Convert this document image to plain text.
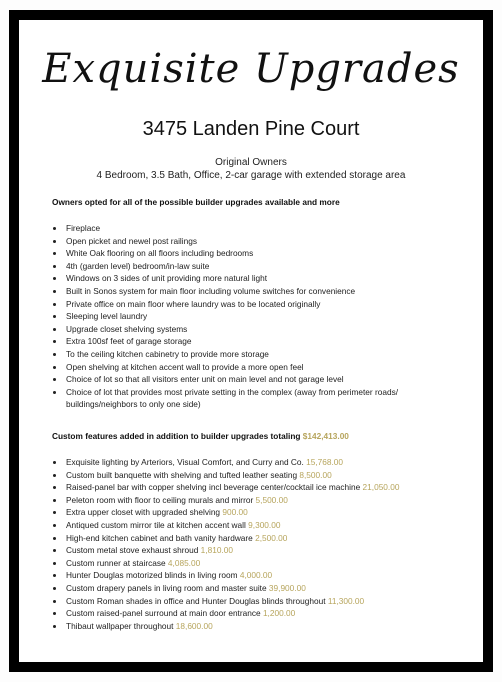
Exquisite Upgrades
3475 Landen Pine Court
Original Owners
4 Bedroom, 3.5 Bath, Office, 2-car garage with extended storage area
Owners opted for all of the possible builder upgrades available and more
Fireplace
Open picket and newel post railings
White Oak flooring on all floors including bedrooms
4th (garden level) bedroom/in-law suite
Windows on 3 sides of unit providing more natural light
Built in Sonos system for main floor including volume switches for convenience
Private office on main floor where laundry was to be located originally
Sleeping level laundry
Upgrade closet shelving systems
Extra 100sf feet of garage storage
To the ceiling kitchen cabinetry to provide more storage
Open shelving at kitchen accent wall to provide a more open feel
Choice of lot so that all visitors enter unit on main level and not garage level
Choice of lot that provides most private setting in the complex (away from perimeter roads/ buildings/neighbors to only one side)
Custom features added in addition to builder upgrades totaling $142,413.00
Exquisite lighting by Arteriors, Visual Comfort, and Curry and Co. 15,768.00
Custom built banquette with shelving and tufted leather seating 8,500.00
Raised-panel bar with copper shelving incl beverage center/cocktail ice machine 21,050.00
Peleton room with floor to ceiling murals and mirror 5,500.00
Extra upper closet with upgraded shelving 900.00
Antiqued custom mirror tile at kitchen accent wall 9,300.00
High-end kitchen cabinet and bath vanity hardware 2,500.00
Custom metal stove exhaust shroud 1,810.00
Custom runner at staircase 4,085.00
Hunter Douglas motorized blinds in living room 4,000.00
Custom drapery panels in living room and master suite 39,900.00
Custom Roman shades in office and Hunter Douglas blinds throughout 11,300.00
Custom raised-panel surround at main door entrance 1,200.00
Thibaut wallpaper throughout 18,600.00
